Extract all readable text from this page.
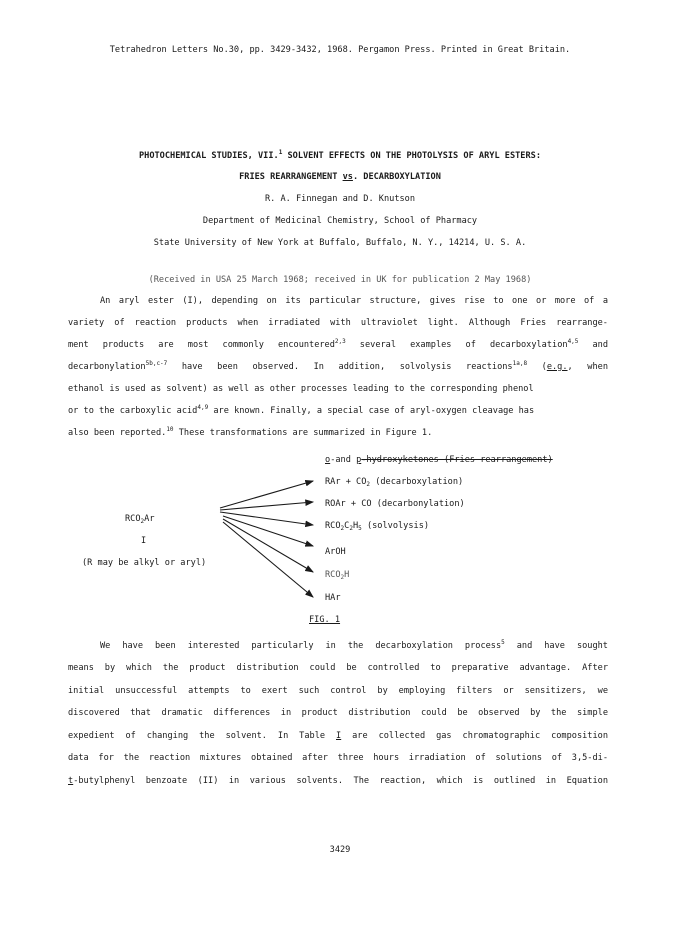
Tetrahedron Letters No.30, pp. 3429-3432, 1968. Pergamon Press. Printed in Great Britain.
PHOTOCHEMICAL STUDIES, VII.$^1$ SOLVENT EFFECTS ON THE PHOTOLYSIS OF ARYL ESTERS:
FRIES REARRANGEMENT vs. DECARBOXYLATION
R. A. Finnegan and D. Knutson
Department of Medicinal Chemistry, School of Pharmacy
State University of New York at Buffalo, Buffalo, N. Y., 14214, U. S. A.
(Received in USA 25 March 1968; received in UK for publication 2 May 1968)
An aryl ester (I), depending on its particular structure, gives rise to one or more of a
variety of reaction products when irradiated with ultraviolet light. Although Fries rearrange-
ment products are most commonly encountered$^{2,3}$ several examples of decarboxylation$^{4,5}$ and
decarbonylation$^{5b,c-7}$ have been observed. In addition, solvolysis reactions$^{1a,8}$ (e.g., when
ethanol is used as solvent) as well as other processes leading to the corresponding phenol
or to the carboxylic acid$^{4,9}$ are known. Finally, a special case of aryl-oxygen cleavage has
also been reported.$^{10}$ These transformations are summarized in Figure 1.
o-and p-hydroxyketones (Fries rearrangement)
RAr + $CO_2$ (decarboxylation)
ROAr + CO (decarbonylation)
$RCO_2C_2H_5$ (solvolysis)
ArOH
$RCO_2H$
HAr
$RCO_2Ar$
I
(R may be alkyl or aryl)
FIG. 1
We have been interested particularly in the decarboxylation process$^5$ and have sought
means by which the product distribution could be controlled to preparative advantage. After
initial unsuccessful attempts to exert such control by employing filters or sensitizers, we
discovered that dramatic differences in product distribution could be observed by the simple
expedient of changing the solvent. In Table I are collected gas chromatographic composition
data for the reaction mixtures obtained after three hours irradiation of solutions of 3,5-di-
t-butylphenyl benzoate (II) in various solvents. The reaction, which is outlined in Equation
3429
